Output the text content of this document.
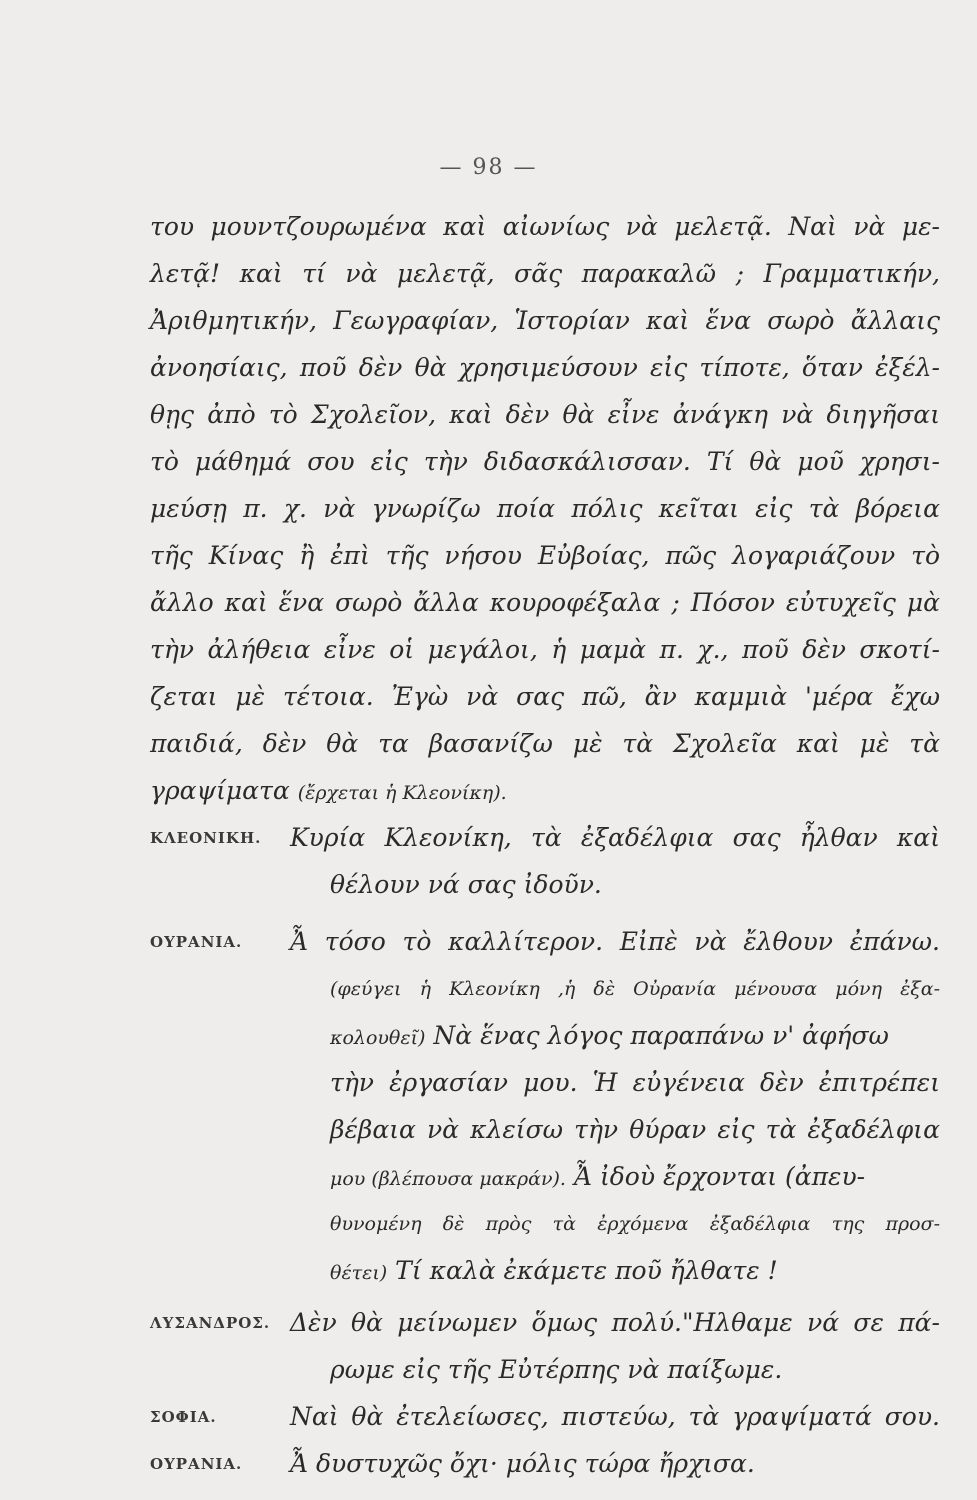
— 98 —
του μουντζουρωμένα καὶ αἰωνίως νὰ μελετᾷ. Ναὶ νὰ με-
λετᾷ! καὶ τί νὰ μελετᾷ, σᾶς παρακαλῶ ; Γραμματικήν,
Ἀριθμητικήν, Γεωγραφίαν, Ἱστορίαν καὶ ἕνα σωρὸ ἄλλαις
ἀνοησίαις, ποῦ δὲν θὰ χρησιμεύσουν εἰς τίποτε, ὅταν ἐξέλ-
θῃς ἀπὸ τὸ Σχολεῖον, καὶ δὲν θὰ εἶνε ἀνάγκη νὰ διηγῆσαι
τὸ μάθημά σου εἰς τὴν διδασκάλισσαν. Τί θὰ μοῦ χρησι-
μεύσῃ π. χ. νὰ γνωρίζω ποία πόλις κεῖται εἰς τὰ βόρεια
τῆς Κίνας ἢ ἐπὶ τῆς νήσου Εὐβοίας, πῶς λογαριάζουν τὸ
ἄλλο καὶ ἕνα σωρὸ ἄλλα κουροφέξαλα ; Πόσον εὐτυχεῖς μὰ
τὴν ἀλήθεια εἶνε οἱ μεγάλοι, ἡ μαμὰ π. χ., ποῦ δὲν σκοτί-
ζεται μὲ τέτοια. Ἐγὼ νὰ σας πῶ, ἂν καμμιὰ 'μέρα ἔχω
παιδιά, δὲν θὰ τα βασανίζω μὲ τὰ Σχολεῖα καὶ μὲ τὰ
γραψίματα (ἔρχεται ἡ Κλεονίκη).
ΚΛΕΟΝΙΚΗ.	Κυρία Κλεονίκη, τὰ ἐξαδέλφια σας ἦλθαν καὶ
θέλουν νά σας ἰδοῦν.
ΟΥΡΑΝΙΑ.	Ἆ τόσο τὸ καλλίτερον. Εἰπὲ νὰ ἔλθουν ἐπάνω.
(φεύγει ἡ Κλεονίκη ,ἡ δὲ Οὐρανία μένουσα μόνη ἐξα-
κολουθεῖ) Νὰ ἕνας λόγος παραπάνω ν' ἀφήσω
τὴν ἐργασίαν μου. Ἡ εὐγένεια δὲν ἐπιτρέπει
βέβαια νὰ κλείσω τὴν θύραν εἰς τὰ ἐξαδέλφια
μου (βλέπουσα μακράν). Ἆ ἰδοὺ ἔρχονται (ἀπευ-
θυνομένη δὲ πρὸς τὰ ἐρχόμενα ἐξαδέλφια της προσ-
θέτει) Τί καλὰ ἐκάμετε ποῦ ἤλθατε !
ΛΥΣΑΝΔΡΟΣ. Δὲν θὰ μείνωμεν ὅμως πολύ."Ηλθαμε νά σε πά-
ρωμε εἰς τῆς Εὐτέρπης νὰ παίξωμε.
ΣΟΦΙΑ.	Ναὶ θὰ ἐτελείωσες, πιστεύω, τὰ γραψίματά σου.
ΟΥΡΑΝΙΑ.	Ἆ δυστυχῶς ὄχι· μόλις τώρα ἤρχισα.
